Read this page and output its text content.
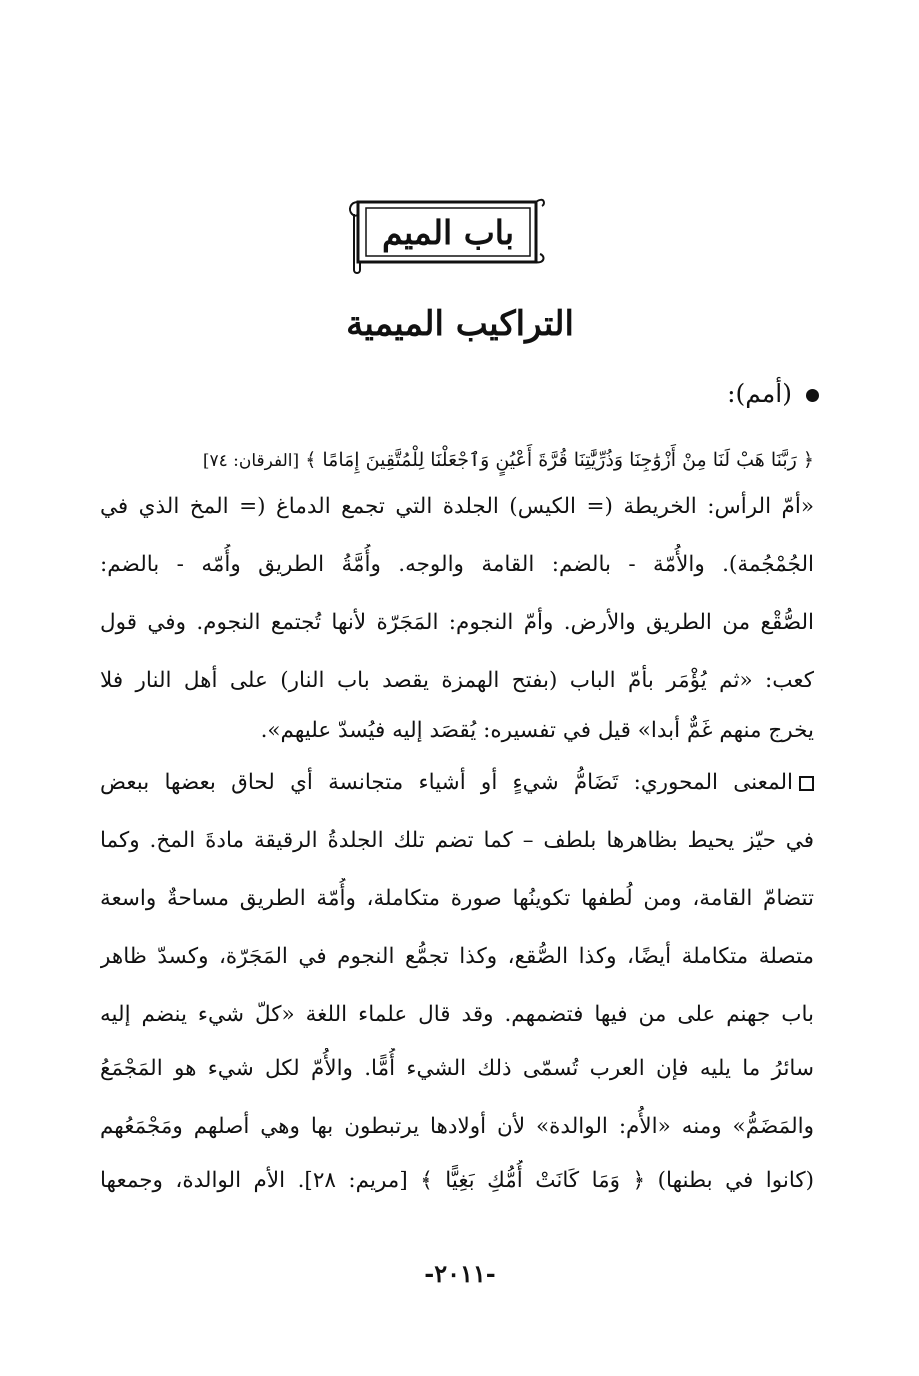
باب الميم
التراكيب الميمية
(أمم):
﴿ رَبَّنَا هَبْ لَنَا مِنْ أَزْوَٰجِنَا وَذُرِّيَّٰتِنَا قُرَّةَ أَعْيُنٍ وَٱجْعَلْنَا لِلْمُتَّقِينَ إِمَامًا ﴾ [الفرقان: ٧٤]
«أمّ الرأس: الخريطة (= الكيس) الجلدة التي تجمع الدماغ (= المخ الذي في
الجُمْجُمة). والأُمّة - بالضم: القامة والوجه. وأُمَّةُ الطريق وأُمّه - بالضم:
الصُّقْع من الطريق والأرض. وأمّ النجوم: المَجَرّة لأنها تُجتمع النجوم. وفي قول
كعب: «ثم يُؤْمَر بأمّ الباب (بفتح الهمزة يقصد باب النار) على أهل النار فلا
يخرج منهم غَمٌّ أبدا» قيل في تفسيره: يُقصَد إليه فيُسدّ عليهم».
المعنى المحوري: تَضَامُّ شيءٍ أو أشياء متجانسة أي لحاق بعضها ببعض
في حيّز يحيط بظاهرها بلطف – كما تضم تلك الجلدةُ الرقيقة مادةَ المخ. وكما
تتضامّ القامة، ومن لُطفها تكوينُها صورة متكاملة، وأُمّة الطريق مساحةٌ واسعة
متصلة متكاملة أيضًا، وكذا الصُّقع، وكذا تجمُّع النجوم في المَجَرّة، وكسدّ ظاهر
باب جهنم على من فيها فتضمهم. وقد قال علماء اللغة «كلّ شيء ينضم إليه
سائرُ ما يليه فإن العرب تُسمّى ذلك الشيء أُمًّا. والأُمّ لكل شيء هو المَجْمَعُ
والمَضَمُّ» ومنه «الأُم: الوالدة» لأن أولادها يرتبطون بها وهي أصلهم ومَجْمَعُهم
(كانوا في بطنها) ﴿ وَمَا كَانَتْ أُمُّكِ بَغِيًّا ﴾ [مريم: ٢٨]. الأم الوالدة، وجمعها
-٢٠١١-
